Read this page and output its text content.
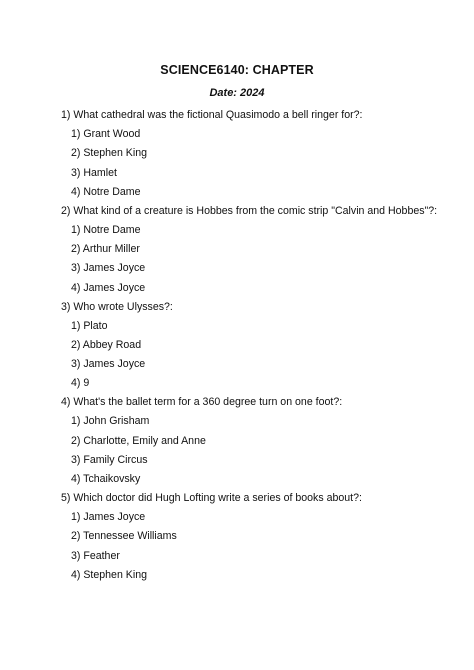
SCIENCE6140: CHAPTER
Date: 2024
1) What cathedral was the fictional Quasimodo a bell ringer for?:
1) Grant Wood
2) Stephen King
3) Hamlet
4) Notre Dame
2) What kind of a creature is Hobbes from the comic strip "Calvin and Hobbes"?:
1) Notre Dame
2) Arthur Miller
3) James Joyce
4) James Joyce
3) Who wrote Ulysses?:
1) Plato
2) Abbey Road
3) James Joyce
4) 9
4) What's the ballet term for a 360 degree turn on one foot?:
1) John Grisham
2) Charlotte, Emily and Anne
3) Family Circus
4) Tchaikovsky
5) Which doctor did Hugh Lofting write a series of books about?:
1) James Joyce
2) Tennessee Williams
3) Feather
4) Stephen King
